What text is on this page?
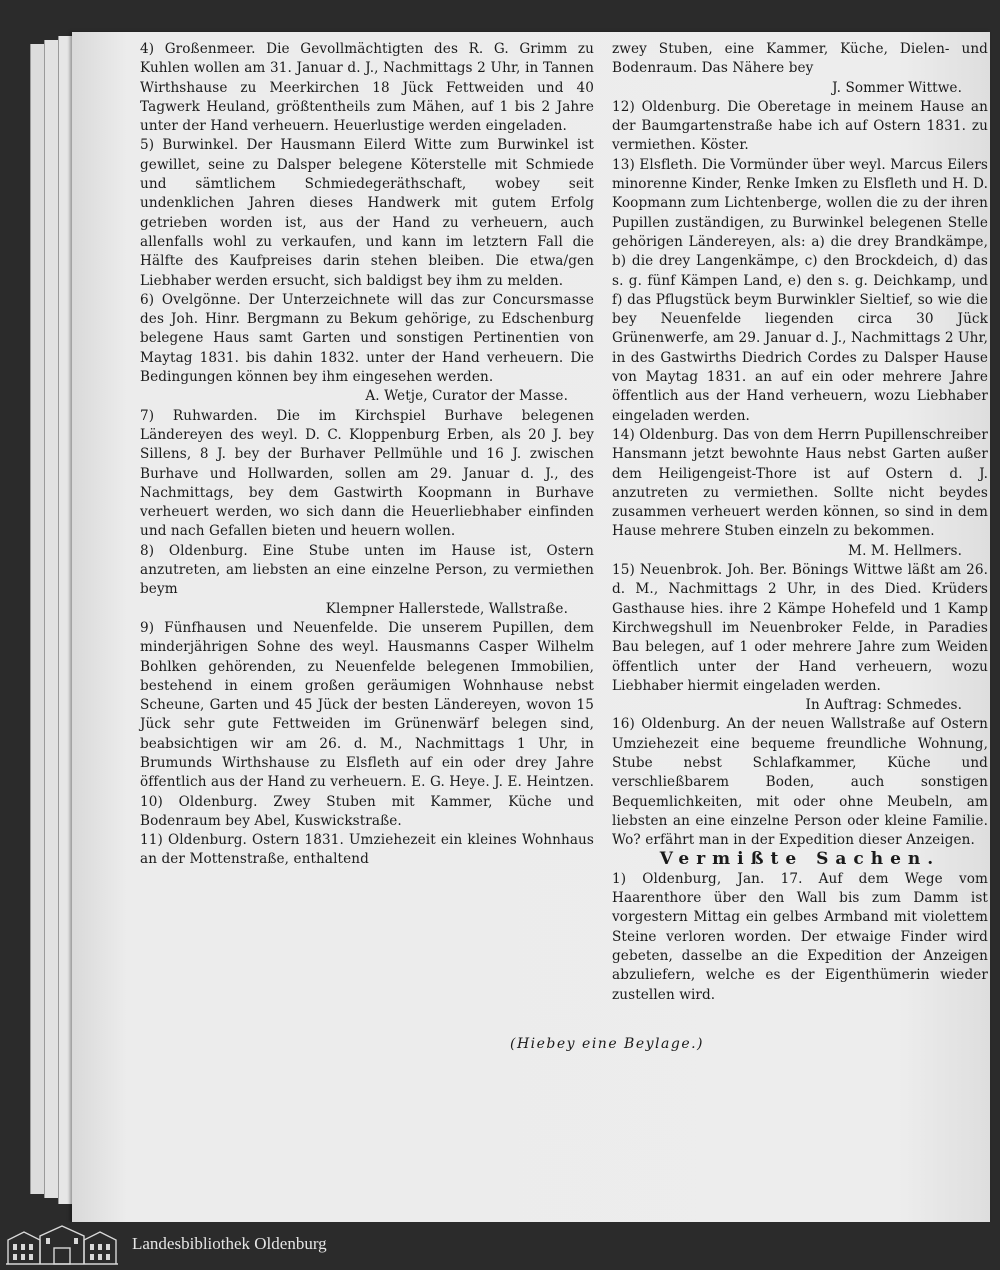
4) Großenmeer. Die Gevollmächtigten des R. G. Grimm zu Kuhlen wollen am 31. Januar d. J., Nachmittags 2 Uhr, in Tannen Wirthshause zu Meerkirchen 18 Jück Fettweiden und 40 Tagwerk Heuland, größtentheils zum Mähen, auf 1 bis 2 Jahre unter der Hand verheuern. Heuerlustige werden eingeladen.

5) Burwinkel. Der Hausmann Eilerd Witte zum Burwinkel ist gewillet, seine zu Dalsper belegene Köterstelle mit Schmiede und sämtlichem Schmiedegeräthschaft, wobey seit undenklichen Jahren dieses Handwerk mit gutem Erfolg getrieben worden ist, aus der Hand zu verheuern, auch allenfalls wohl zu verkaufen, und kann im letztern Fall die Hälfte des Kaufpreises darin stehen bleiben. Die etwa/gen Liebhaber werden ersucht, sich baldigst bey ihm zu melden.

6) Ovelgönne. Der Unterzeichnete will das zur Concursmasse des Joh. Hinr. Bergmann zu Bekum gehörige, zu Edschenburg belegene Haus samt Garten und sonstigen Pertinentien von Maytag 1831. bis dahin 1832. unter der Hand verheuern. Die Bedingungen können bey ihm eingesehen werden.

A. Wetje, Curator der Masse.

7) Ruhwarden. Die im Kirchspiel Burhave belegenen Ländereyen des weyl. D. C. Kloppenburg Erben, als 20 J. bey Sillens, 8 J. bey der Burhaver Pellmühle und 16 J. zwischen Burhave und Hollwarden, sollen am 29. Januar d. J., des Nachmittags, bey dem Gastwirth Koopmann in Burhave verheuert werden, wo sich dann die Heuerliebhaber einfinden und nach Gefallen bieten und heuern wollen.

8) Oldenburg. Eine Stube unten im Hause ist, Ostern anzutreten, am liebsten an eine einzelne Person, zu vermiethen beym

Klempner Hallerstede, Wallstraße.

9) Fünfhausen und Neuenfelde. Die unserem Pupillen, dem minderjährigen Sohne des weyl. Hausmanns Casper Wilhelm Bohlken gehörenden, zu Neuenfelde belegenen Immobilien, bestehend in einem großen geräumigen Wohnhause nebst Scheune, Garten und 45 Jück der besten Ländereyen, wovon 15 Jück sehr gute Fettweiden im Grünenwärf belegen sind, beabsichtigen wir am 26. d. M., Nachmittags 1 Uhr, in Brumunds Wirthshause zu Elsfleth auf ein oder drey Jahre öffentlich aus der Hand zu verheuern. E. G. Heye. J. E. Heintzen.

10) Oldenburg. Zwey Stuben mit Kammer, Küche und Bodenraum bey Abel, Kuswickstraße.

11) Oldenburg. Ostern 1831. Umziehezeit ein kleines Wohnhaus an der Mottenstraße, enthaltend

zwey Stuben, eine Kammer, Küche, Dielen- und Bodenraum. Das Nähere bey

J. Sommer Wittwe.

12) Oldenburg. Die Oberetage in meinem Hause an der Baumgartenstraße habe ich auf Ostern 1831. zu vermiethen. Köster.

13) Elsfleth. Die Vormünder über weyl. Marcus Eilers minorenne Kinder, Renke Imken zu Elsfleth und H. D. Koopmann zum Lichtenberge, wollen die zu der ihren Pupillen zuständigen, zu Burwinkel belegenen Stelle gehörigen Ländereyen, als: a) die drey Brandkämpe, b) die drey Langenkämpe, c) den Brockdeich, d) das s. g. fünf Kämpen Land, e) den s. g. Deichkamp, und f) das Pflugstück beym Burwinkler Sieltief, so wie die bey Neuenfelde liegenden circa 30 Jück Grünenwerfe, am 29. Januar d. J., Nachmittags 2 Uhr, in des Gastwirths Diedrich Cordes zu Dalsper Hause von Maytag 1831. an auf ein oder mehrere Jahre öffentlich aus der Hand verheuern, wozu Liebhaber eingeladen werden.

14) Oldenburg. Das von dem Herrn Pupillenschreiber Hansmann jetzt bewohnte Haus nebst Garten außer dem Heiligengeist-Thore ist auf Ostern d. J. anzutreten zu vermiethen. Sollte nicht beydes zusammen verheuert werden können, so sind in dem Hause mehrere Stuben einzeln zu bekommen.

M. M. Hellmers.

15) Neuenbrok. Joh. Ber. Bönings Wittwe läßt am 26. d. M., Nachmittags 2 Uhr, in des Died. Krüders Gasthause hies. ihre 2 Kämpe Hohefeld und 1 Kamp Kirchwegshull im Neuenbroker Felde, in Paradies Bau belegen, auf 1 oder mehrere Jahre zum Weiden öffentlich unter der Hand verheuern, wozu Liebhaber hiermit eingeladen werden.

In Auftrag: Schmedes.

16) Oldenburg. An der neuen Wallstraße auf Ostern Umziehezeit eine bequeme freundliche Wohnung, Stube nebst Schlafkammer, Küche und verschließbarem Boden, auch sonstigen Bequemlichkeiten, mit oder ohne Meubeln, am liebsten an eine einzelne Person oder kleine Familie. Wo? erfährt man in der Expedition dieser Anzeigen.

Vermißte Sachen.

1) Oldenburg, Jan. 17. Auf dem Wege vom Haarenthore über den Wall bis zum Damm ist vorgestern Mittag ein gelbes Armband mit violettem Steine verloren worden. Der etwaige Finder wird gebeten, dasselbe an die Expedition der Anzeigen abzuliefern, welche es der Eigenthümerin wieder zustellen wird.

(Hiebey eine Beylage.)
Landesbibliothek Oldenburg
